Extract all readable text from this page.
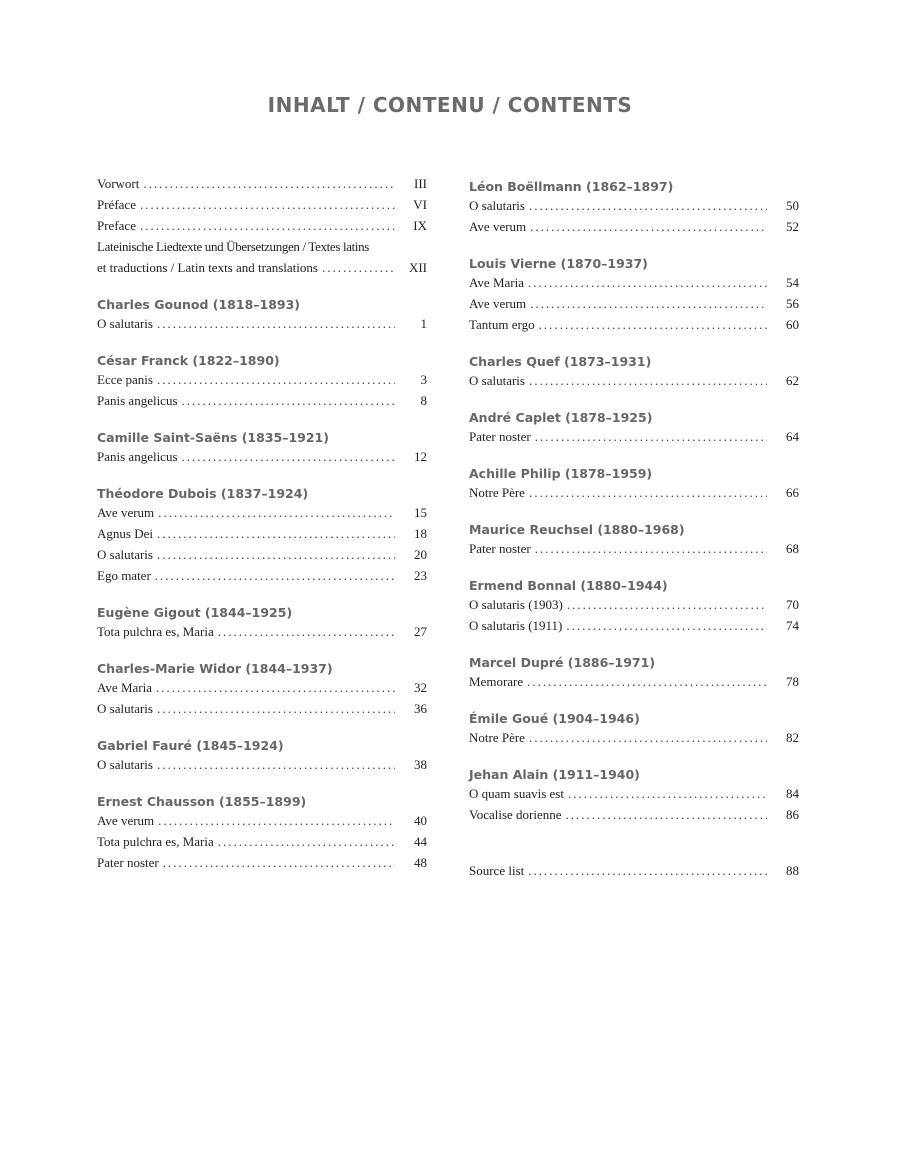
INHALT / CONTENU / CONTENTS
Vorwort .....	III
Préface .....	VI
Preface .....	IX
Lateinische Liedtexte und Übersetzungen / Textes latins
et traductions / Latin texts and translations .....	XII
Charles Gounod (1818–1893)
O salutaris .....	1
César Franck (1822–1890)
Ecce panis .....	3
Panis angelicus .....	8
Camille Saint-Saëns (1835–1921)
Panis angelicus .....	12
Théodore Dubois (1837–1924)
Ave verum .....	15
Agnus Dei .....	18
O salutaris .....	20
Ego mater .....	23
Eugène Gigout (1844–1925)
Tota pulchra es, Maria .....	27
Charles-Marie Widor (1844–1937)
Ave Maria .....	32
O salutaris .....	36
Gabriel Fauré (1845–1924)
O salutaris .....	38
Ernest Chausson (1855–1899)
Ave verum .....	40
Tota pulchra es, Maria .....	44
Pater noster .....	48
Léon Boëllmann (1862–1897)
O salutaris .....	50
Ave verum .....	52
Louis Vierne (1870–1937)
Ave Maria .....	54
Ave verum .....	56
Tantum ergo .....	60
Charles Quef (1873–1931)
O salutaris .....	62
André Caplet (1878–1925)
Pater noster .....	64
Achille Philip (1878–1959)
Notre Père .....	66
Maurice Reuchsel (1880–1968)
Pater noster .....	68
Ermend Bonnal (1880–1944)
O salutaris (1903) .....	70
O salutaris (1911) .....	74
Marcel Dupré (1886–1971)
Memorare .....	78
Émile Goué (1904–1946)
Notre Père .....	82
Jehan Alain (1911–1940)
O quam suavis est .....	84
Vocalise dorienne .....	86
Source list .....	88
